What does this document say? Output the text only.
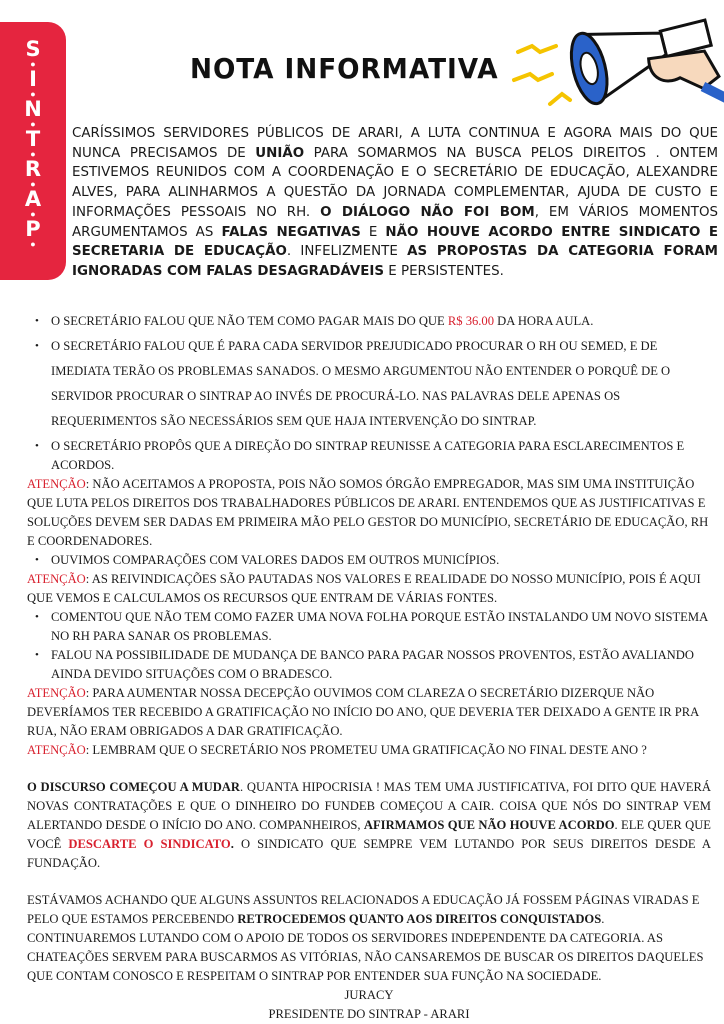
S
●
I
●
N
●
T
●
R
●
A
●
P
●
NOTA INFORMATIVA

CARÍSSIMOS SERVIDORES PÚBLICOS DE ARARI, A LUTA CONTINUA E AGORA MAIS DO QUE NUNCA PRECISAMOS DE UNIÃO PARA SOMARMOS NA BUSCA PELOS DIREITOS . ONTEM ESTIVEMOS REUNIDOS COM A COORDENAÇÃO E O SECRETÁRIO DE EDUCAÇÃO, ALEXANDRE ALVES, PARA ALINHARMOS A QUESTÃO DA JORNADA COMPLEMENTAR, AJUDA DE CUSTO E INFORMAÇÕES PESSOAIS NO RH. O DIÁLOGO NÃO FOI BOM, EM VÁRIOS MOMENTOS ARGUMENTAMOS AS FALAS NEGATIVAS E NÃO HOUVE ACORDO ENTRE SINDICATO E SECRETARIA DE EDUCAÇÃO. INFELIZMENTE AS PROPOSTAS DA CATEGORIA FORAM IGNORADAS COM FALAS DESAGRADÁVEIS E PERSISTENTES.

• O SECRETÁRIO FALOU QUE NÃO TEM COMO PAGAR MAIS DO QUE R$ 36.00 DA HORA AULA.

• O SECRETÁRIO FALOU QUE É PARA CADA SERVIDOR PREJUDICADO PROCURAR O RH OU SEMED, E DE IMEDIATA TERÃO OS PROBLEMAS SANADOS. O MESMO ARGUMENTOU NÃO ENTENDER O PORQUÊ DE O SERVIDOR PROCURAR O SINTRAP AO INVÉS DE PROCURÁ-LO. NAS PALAVRAS DELE APENAS OS REQUERIMENTOS SÃO NECESSÁRIOS SEM QUE HAJA INTERVENÇÃO DO SINTRAP.

• O SECRETÁRIO PROPÔS QUE A DIREÇÃO DO SINTRAP REUNISSE A CATEGORIA PARA ESCLARECIMENTOS E ACORDOS.

ATENÇÃO: NÃO ACEITAMOS A PROPOSTA, POIS NÃO SOMOS ÓRGÃO EMPREGADOR, MAS SIM UMA INSTITUIÇÃO QUE LUTA PELOS DIREITOS DOS TRABALHADORES PÚBLICOS DE ARARI. ENTENDEMOS QUE AS JUSTIFICATIVAS E SOLUÇÕES DEVEM SER DADAS EM PRIMEIRA MÃO PELO GESTOR DO MUNICÍPIO, SECRETÁRIO DE EDUCAÇÃO, RH E COORDENADORES.

• OUVIMOS COMPARAÇÕES COM VALORES DADOS EM OUTROS MUNICÍPIOS.

ATENÇÃO: AS REIVINDICAÇÕES SÃO PAUTADAS NOS VALORES E REALIDADE DO NOSSO MUNICÍPIO, POIS É AQUI QUE VEMOS E CALCULAMOS OS RECURSOS QUE ENTRAM DE VÁRIAS FONTES.

• COMENTOU QUE NÃO TEM COMO FAZER UMA NOVA FOLHA PORQUE ESTÃO INSTALANDO UM NOVO SISTEMA NO RH PARA SANAR OS PROBLEMAS.

• FALOU NA POSSIBILIDADE DE MUDANÇA DE BANCO PARA PAGAR NOSSOS PROVENTOS, ESTÃO AVALIANDO AINDA DEVIDO SITUAÇÕES COM O BRADESCO.

ATENÇÃO: PARA AUMENTAR NOSSA DECEPÇÃO OUVIMOS COM CLAREZA O SECRETÁRIO DIZERQUE NÃO DEVERÍAMOS TER RECEBIDO A GRATIFICAÇÃO NO INÍCIO DO ANO, QUE DEVERIA TER DEIXADO A GENTE IR PRA RUA, NÃO ERAM OBRIGADOS A DAR GRATIFICAÇÃO.

ATENÇÃO: LEMBRAM QUE O SECRETÁRIO NOS PROMETEU UMA GRATIFICAÇÃO NO FINAL DESTE ANO ?

O DISCURSO COMEÇOU A MUDAR. QUANTA HIPOCRISIA ! MAS TEM UMA JUSTIFICATIVA, FOI DITO QUE HAVERÁ NOVAS CONTRATAÇÕES E QUE O DINHEIRO DO FUNDEB COMEÇOU A CAIR. COISA QUE NÓS DO SINTRAP VEM ALERTANDO DESDE O INÍCIO DO ANO. COMPANHEIROS, AFIRMAMOS QUE NÃO HOUVE ACORDO. ELE QUER QUE VOCÊ DESCARTE O SINDICATO. O SINDICATO QUE SEMPRE VEM LUTANDO POR SEUS DIREITOS DESDE A FUNDAÇÃO.

ESTÁVAMOS ACHANDO QUE ALGUNS ASSUNTOS RELACIONADOS A EDUCAÇÃO JÁ FOSSEM PÁGINAS VIRADAS E PELO QUE ESTAMOS PERCEBENDO RETROCEDEMOS QUANTO AOS DIREITOS CONQUISTADOS. CONTINUAREMOS LUTANDO COM O APOIO DE TODOS OS SERVIDORES INDEPENDENTE DA CATEGORIA. AS CHATEAÇÕES SERVEM PARA BUSCARMOS AS VITÓRIAS, NÃO CANSAREMOS DE BUSCAR OS DIREITOS DAQUELES QUE CONTAM CONOSCO E RESPEITAM O SINTRAP POR ENTENDER SUA FUNÇÃO NA SOCIEDADE.

JURACY

PRESIDENTE DO SINTRAP - ARARI
